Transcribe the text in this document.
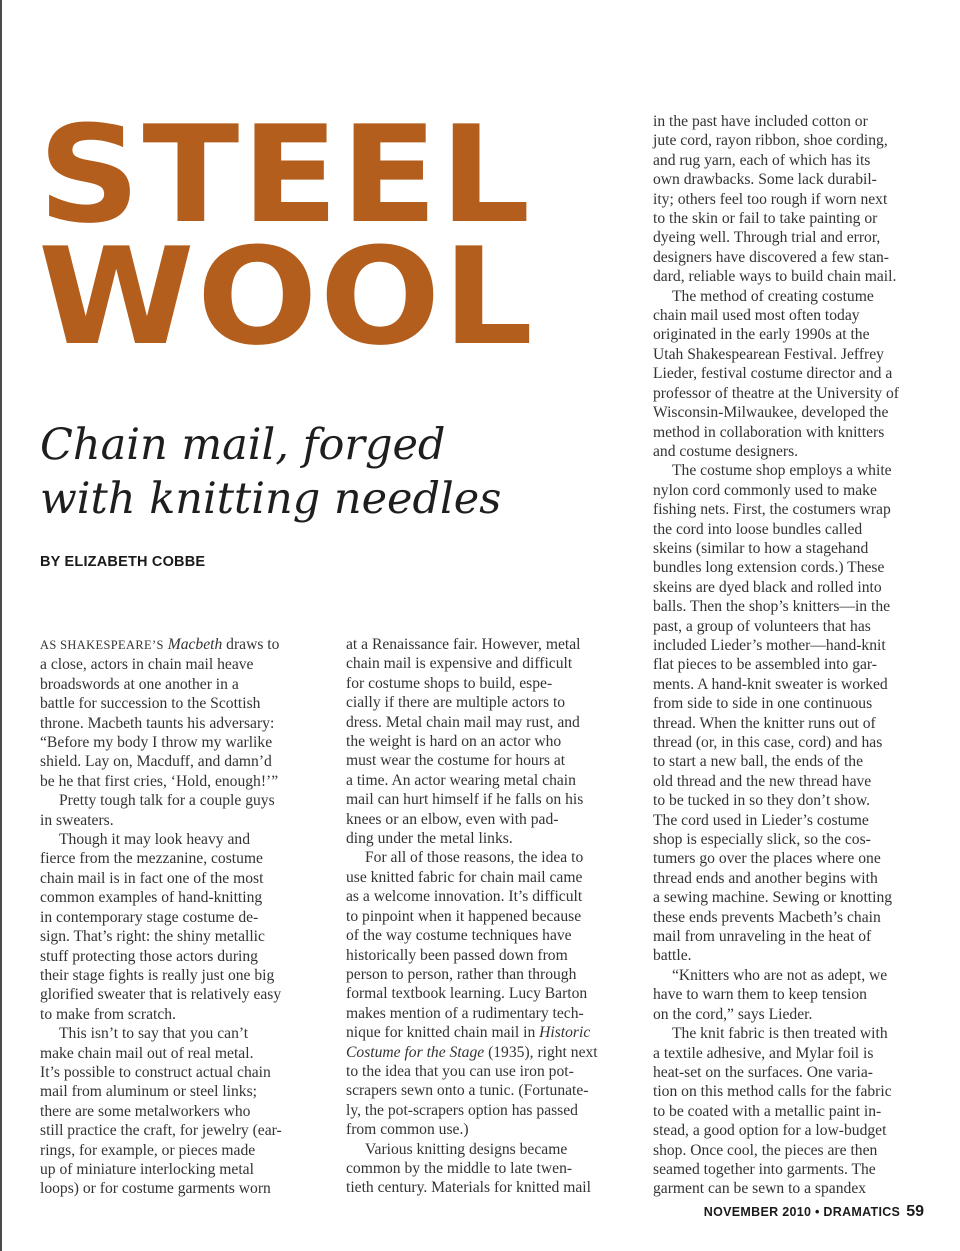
STEEL
WOOL
Chain mail, forged
with knitting needles

BY ELIZABETH COBBE

AS SHAKESPEARE’S Macbeth draws to
a close, actors in chain mail heave
broadswords at one another in a
battle for succession to the Scottish
throne. Macbeth taunts his adversary:
“Before my body I throw my warlike
shield. Lay on, Macduff, and damn’d
be he that first cries, ‘Hold, enough!’”

Pretty tough talk for a couple guys
in sweaters.

Though it may look heavy and
fierce from the mezzanine, costume
chain mail is in fact one of the most
common examples of hand-knitting
in contemporary stage costume de-
sign. That’s right: the shiny metallic
stuff protecting those actors during
their stage fights is really just one big
glorified sweater that is relatively easy
to make from scratch.

This isn’t to say that you can’t
make chain mail out of real metal.
It’s possible to construct actual chain
mail from aluminum or steel links;
there are some metalworkers who
still practice the craft, for jewelry (ear-
rings, for example, or pieces made
up of miniature interlocking metal
loops) or for costume garments worn

at a Renaissance fair. However, metal
chain mail is expensive and difficult
for costume shops to build, espe-
cially if there are multiple actors to
dress. Metal chain mail may rust, and
the weight is hard on an actor who
must wear the costume for hours at
a time. An actor wearing metal chain
mail can hurt himself if he falls on his
knees or an elbow, even with pad-
ding under the metal links.

For all of those reasons, the idea to
use knitted fabric for chain mail came
as a welcome innovation. It’s difficult
to pinpoint when it happened because
of the way costume techniques have
historically been passed down from
person to person, rather than through
formal textbook learning. Lucy Barton
makes mention of a rudimentary tech-
nique for knitted chain mail in Historic
Costume for the Stage (1935), right next
to the idea that you can use iron pot-
scrapers sewn onto a tunic. (Fortunate-
ly, the pot-scrapers option has passed
from common use.)

Various knitting designs became
common by the middle to late twen-
tieth century. Materials for knitted mail

in the past have included cotton or
jute cord, rayon ribbon, shoe cording,
and rug yarn, each of which has its
own drawbacks. Some lack durabil-
ity; others feel too rough if worn next
to the skin or fail to take painting or
dyeing well. Through trial and error,
designers have discovered a few stan-
dard, reliable ways to build chain mail.

The method of creating costume
chain mail used most often today
originated in the early 1990s at the
Utah Shakespearean Festival. Jeffrey
Lieder, festival costume director and a
professor of theatre at the University of
Wisconsin-Milwaukee, developed the
method in collaboration with knitters
and costume designers.

The costume shop employs a white
nylon cord commonly used to make
fishing nets. First, the costumers wrap
the cord into loose bundles called
skeins (similar to how a stagehand
bundles long extension cords.) These
skeins are dyed black and rolled into
balls. Then the shop’s knitters—in the
past, a group of volunteers that has
included Lieder’s mother—hand-knit
flat pieces to be assembled into gar-
ments. A hand-knit sweater is worked
from side to side in one continuous
thread. When the knitter runs out of
thread (or, in this case, cord) and has
to start a new ball, the ends of the
old thread and the new thread have
to be tucked in so they don’t show.
The cord used in Lieder’s costume
shop is especially slick, so the cos-
tumers go over the places where one
thread ends and another begins with
a sewing machine. Sewing or knotting
these ends prevents Macbeth’s chain
mail from unraveling in the heat of
battle.

“Knitters who are not as adept, we
have to warn them to keep tension
on the cord,” says Lieder.

The knit fabric is then treated with
a textile adhesive, and Mylar foil is
heat-set on the surfaces. One varia-
tion on this method calls for the fabric
to be coated with a metallic paint in-
stead, a good option for a low-budget
shop. Once cool, the pieces are then
seamed together into garments. The
garment can be sewn to a spandex

NOVEMBER 2010 • DRAMATICS 59
